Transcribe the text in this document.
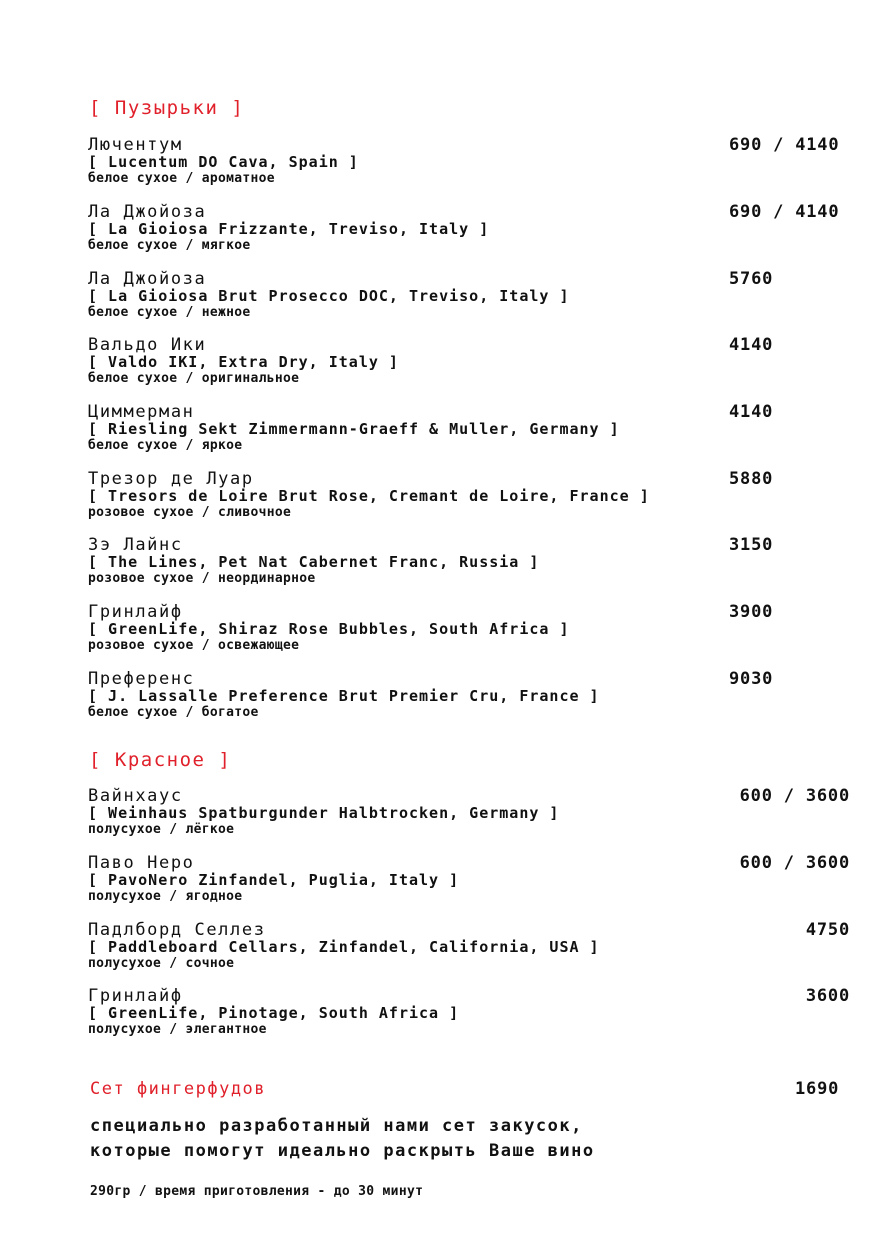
[ Пузырьки ]
Лючентум
[ Lucentum DO Cava, Spain ]
белое сухое / ароматное
690 / 4140
Ла Джойоза
[ La Gioiosa Frizzante, Treviso, Italy ]
белое сухое / мягкое
690 / 4140
Ла Джойоза
[ La Gioiosa Brut Prosecco DOC, Treviso, Italy ]
белое сухое / нежное
5760
Вальдо Ики
[ Valdo IKI, Extra Dry, Italy ]
белое сухое / оригинальное
4140
Циммерман
[ Riesling Sekt Zimmermann-Graeff & Muller, Germany ]
белое сухое / яркое
4140
Трезор де Луар
[ Tresors de Loire Brut Rose, Cremant de Loire, France ]
розовое сухое / сливочное
5880
Зэ Лайнс
[ The Lines, Pet Nat Cabernet Franc, Russia ]
розовое сухое / неординарное
3150
Гринлайф
[ GreenLife, Shiraz Rose Bubbles, South Africa ]
розовое сухое / освежающее
3900
Преференс
[ J. Lassalle Preference Brut Premier Cru, France ]
белое сухое / богатое
9030
[ Красное ]
Вайнхаус
[ Weinhaus Spatburgunder Halbtrocken, Germany ]
полусухое / лёгкое
600 / 3600
Паво Неро
[ PavoNero Zinfandel, Puglia, Italy ]
полусухое / ягодное
600 / 3600
Падлборд Селлез
[ Paddleboard Cellars, Zinfandel, California, USA ]
полусухое / сочное
4750
Гринлайф
[ GreenLife, Pinotage, South Africa ]
полусухое / элегантное
3600
Сет фингерфудов	1690

специально разработанный нами сет закусок,
которые помогут идеально раскрыть Ваше вино

290гр / время приготовления - до 30 минут
